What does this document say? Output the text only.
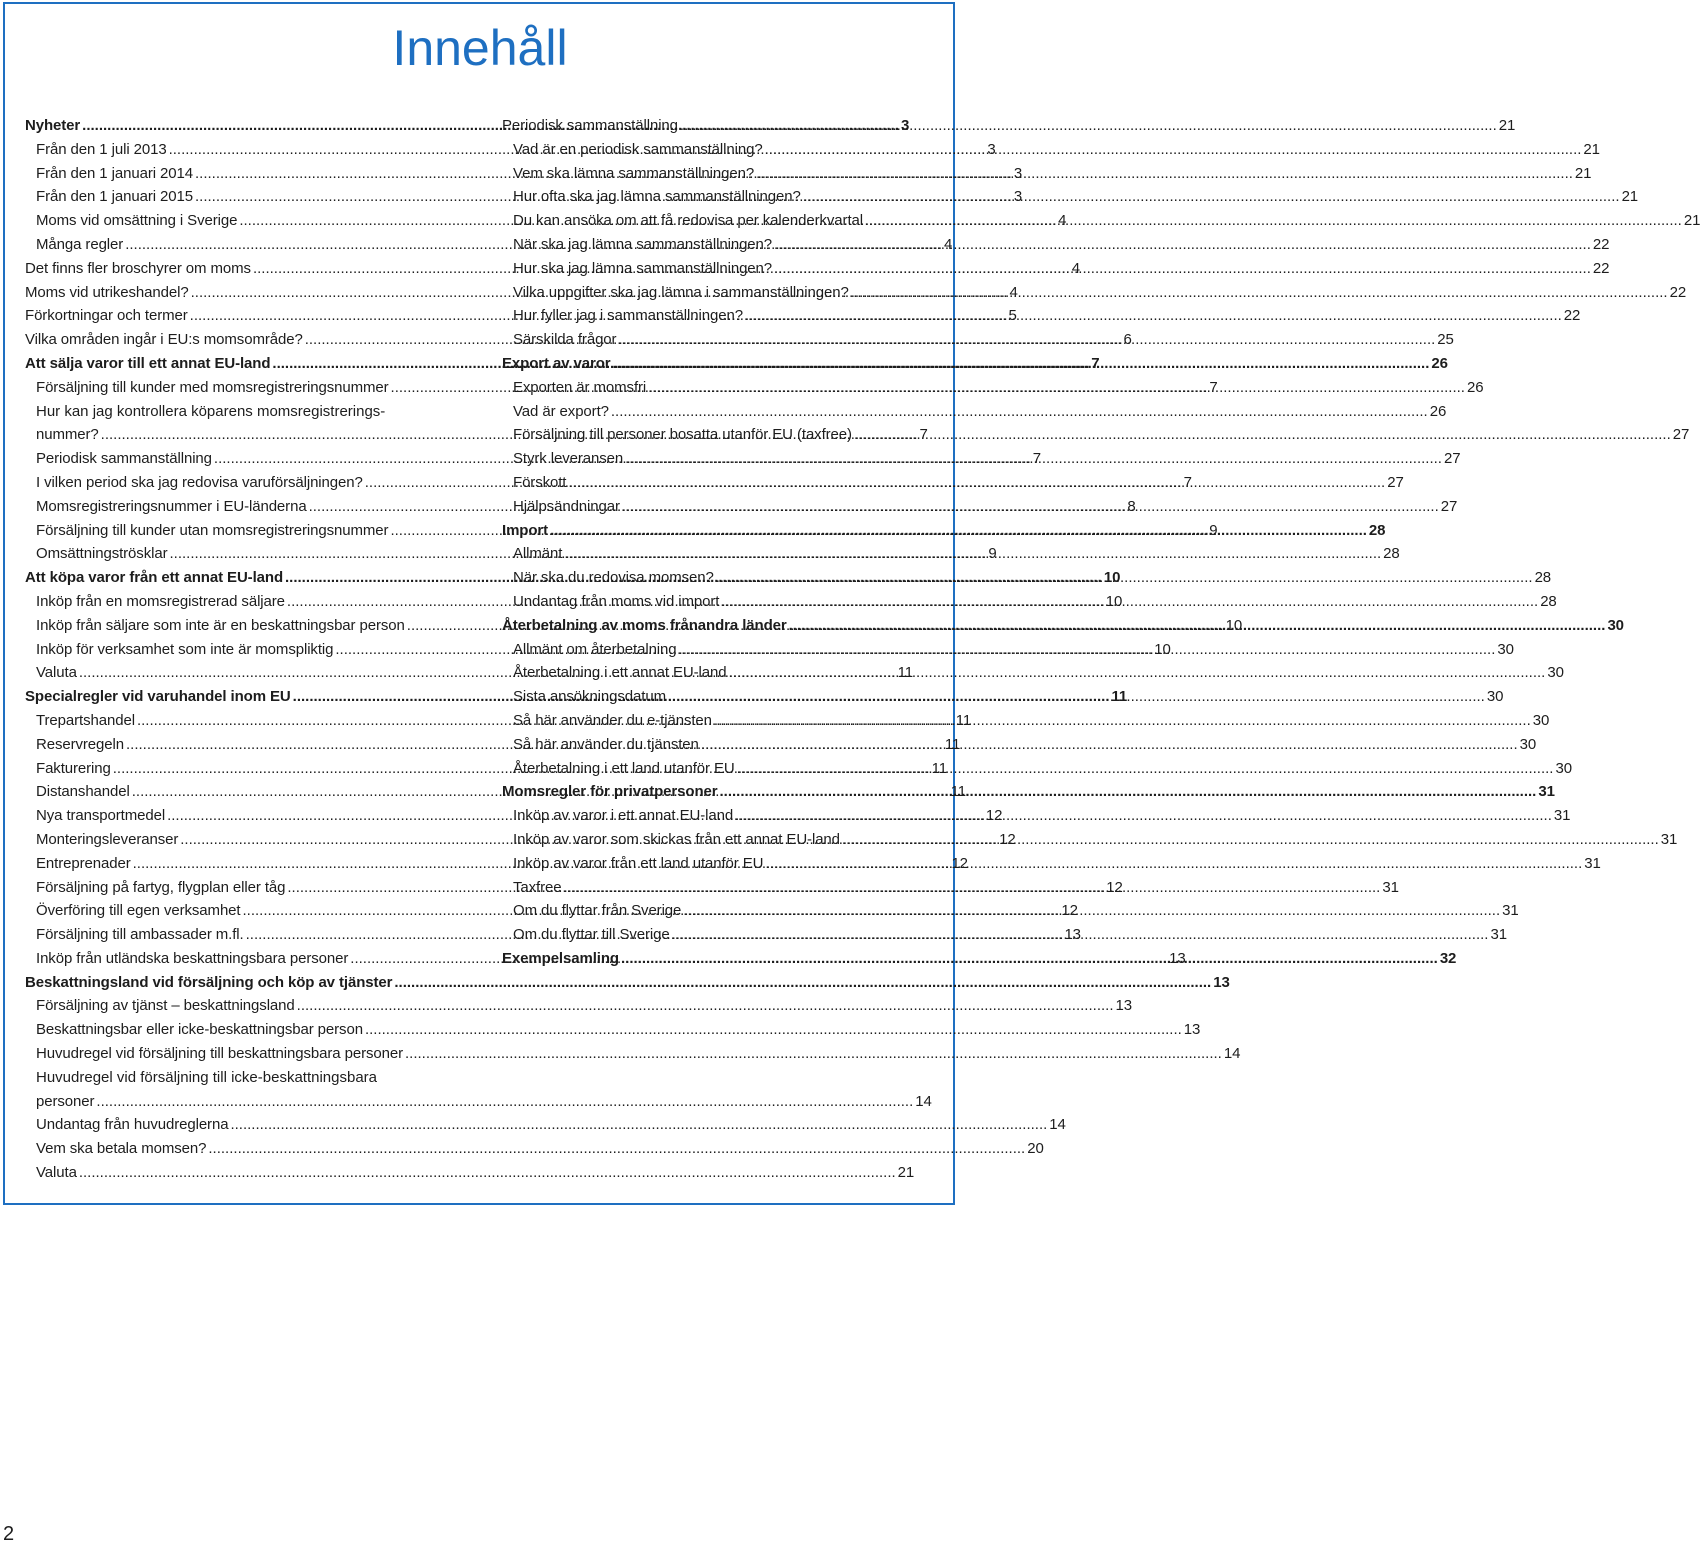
Innehåll
Nyheter .....	3
Från den 1 juli 2013 .....	3
Från den 1 januari 2014 .....	3
Från den 1 januari 2015 .....	3
Moms vid omsättning i Sverige .....	4
Många regler .....	4
Det finns fler broschyrer om moms .....	4
Moms vid utrikeshandel? .....	4
Förkortningar och termer .....	5
Vilka områden ingår i EU:s momsområde? .....	6
Att sälja varor till ett annat EU-land .....	7
Försäljning till kunder med momsregistreringsnummer .....	7
Hur kan jag kontrollera köparens momsregistrerings-
nummer? .....	7
Periodisk sammanställning .....	7
I vilken period ska jag redovisa varuförsäljningen? .....	7
Momsregistreringsnummer i EU-länderna .....	8
Försäljning till kunder utan momsregistreringsnummer .....	9
Omsättningströsklar .....	9
Att köpa varor från ett annat EU-land .....	10
Inköp från en momsregistrerad säljare .....	10
Inköp från säljare som inte är en beskattningsbar person .....	10
Inköp för verksamhet som inte är momspliktig .....	10
Valuta .....	11
Specialregler vid varuhandel inom EU .....	11
Trepartshandel .....	11
Reservregeln .....	11
Fakturering .....	11
Distanshandel .....	11
Nya transportmedel .....	12
Monteringsleveranser .....	12
Entreprenader .....	12
Försäljning på fartyg, flygplan eller tåg .....	12
Överföring till egen verksamhet .....	12
Försäljning till ambassader m.fl. .....	13
Inköp från utländska beskattningsbara personer .....	13
Beskattningsland vid försäljning och köp av tjänster .....	13
Försäljning av tjänst – beskattningsland .....	13
Beskattningsbar eller icke-beskattningsbar person .....	13
Huvudregel vid försäljning till beskattningsbara personer .....	14
Huvudregel vid försäljning till icke-beskattningsbara
personer .....	14
Undantag från huvudreglerna .....	14
Vem ska betala momsen? .....	20
Valuta .....	21
Periodisk sammanställning .....	21
Vad är en periodisk sammanställning? .....	21
Vem ska lämna sammanställningen? .....	21
Hur ofta ska jag lämna sammanställningen? .....	21
Du kan ansöka om att få redovisa per kalenderkvartal .....	21
När ska jag lämna sammanställningen? .....	22
Hur ska jag lämna sammanställningen? .....	22
Vilka uppgifter ska jag lämna i sammanställningen? .....	22
Hur fyller jag i sammanställningen? .....	22
Särskilda frågor .....	25
Export av varor .....	26
Exporten är momsfri .....	26
Vad är export? .....	26
Försäljning till personer bosatta utanför EU (taxfree) .....	27
Styrk leveransen .....	27
Förskott .....	27
Hjälpsändningar .....	27
Import .....	28
Allmänt .....	28
När ska du redovisa momsen? .....	28
Undantag från moms vid import .....	28
Återbetalning av moms frånandra länder .....	30
Allmänt om återbetalning .....	30
Återbetalning i ett annat EU-land .....	30
Sista ansökningsdatum .....	30
Så här använder du e-tjänsten .....	30
Så här använder du tjänsten .....	30
Återbetalning i ett land utanför EU .....	30
Momsregler för privatpersoner .....	31
Inköp av varor i ett annat EU-land .....	31
Inköp av varor som skickas från ett annat EU-land .....	31
Inköp av varor från ett land utanför EU .....	31
Taxfree .....	31
Om du flyttar från Sverige .....	31
Om du flyttar till Sverige .....	31
Exempelsamling .....	32
2
